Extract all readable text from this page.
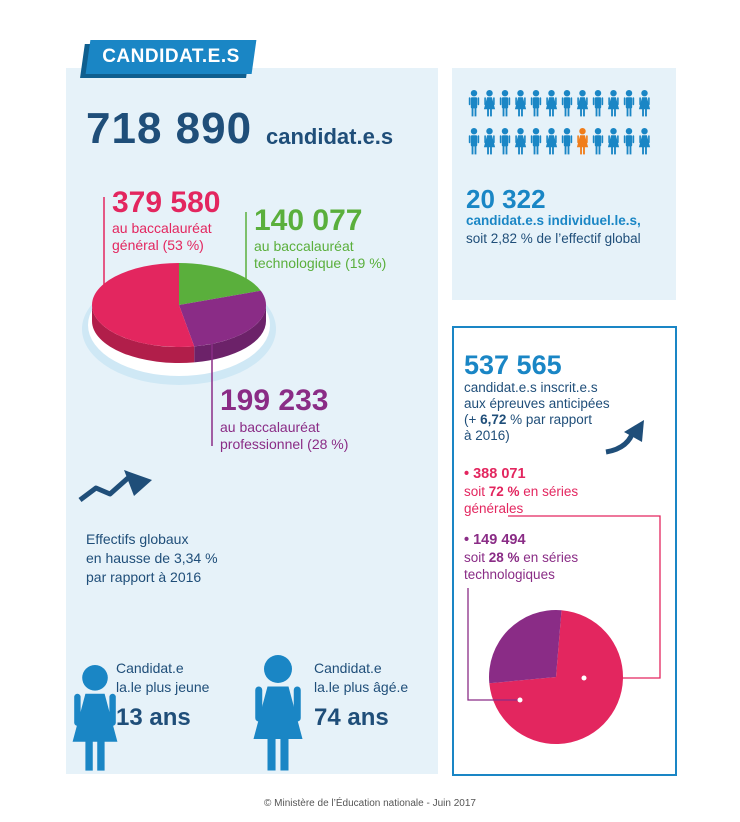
CANDIDAT.E.S
718 890 candidat.e.s
379 580
au baccalauréat
général (53 %)
140 077
au baccalauréat
technologique (19 %)
199 233
au baccalauréat
professionnel (28 %)
Effectifs globaux
en hausse de 3,34 %
par rapport à 2016
Candidat.e
la.le plus jeune
13 ans
Candidat.e
la.le plus âgé.e
74 ans
20 322
candidat.e.s individuel.le.s,
soit 2,82 % de l’effectif global
537 565
candidat.e.s inscrit.e.s
aux épreuves anticipées
(+ 6,72 % par rapport
à 2016)
• 388 071
soit 72 % en séries
générales
• 149 494
soit 28 % en séries
technologiques
© Ministère de l’Éducation nationale - Juin 2017
